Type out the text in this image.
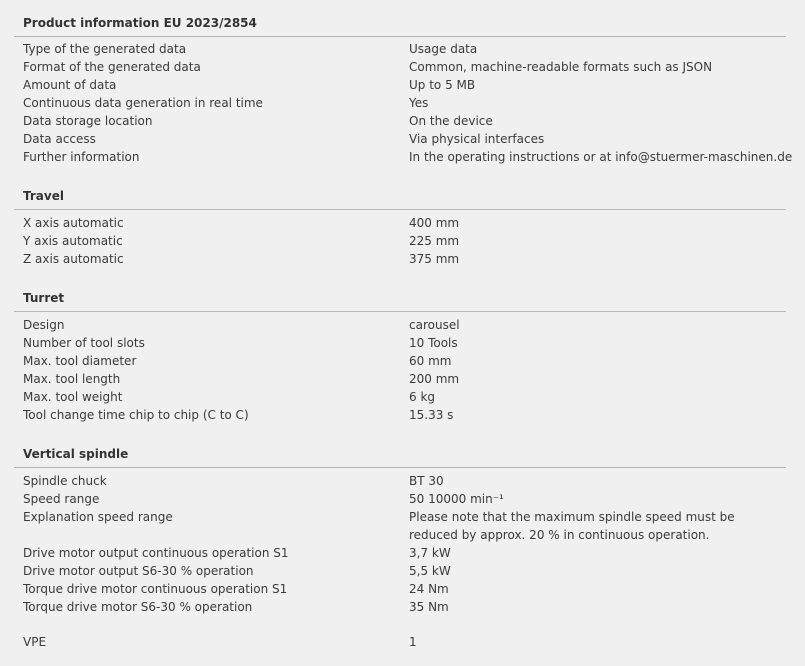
Product information EU 2023/2854
Type of the generated data	Usage data
Format of the generated data	Common, machine-readable formats such as JSON
Amount of data	Up to 5 MB
Continuous data generation in real time	Yes
Data storage location	On the device
Data access	Via physical interfaces
Further information	In the operating instructions or at info@stuermer-maschinen.de
Travel
X axis automatic	400 mm
Y axis automatic	225 mm
Z axis automatic	375 mm
Turret
Design	carousel
Number of tool slots	10 Tools
Max. tool diameter	60 mm
Max. tool length	200 mm
Max. tool weight	6 kg
Tool change time chip to chip (C to C)	15.33 s
Vertical spindle
Spindle chuck	BT 30
Speed range	50 10000 min⁻¹
Explanation speed range	Please note that the maximum spindle speed must be reduced by approx. 20 % in continuous operation.
Drive motor output continuous operation S1	3,7 kW
Drive motor output S6-30 % operation	5,5 kW
Torque drive motor continuous operation S1	24 Nm
Torque drive motor S6-30 % operation	35 Nm
VPE	1
